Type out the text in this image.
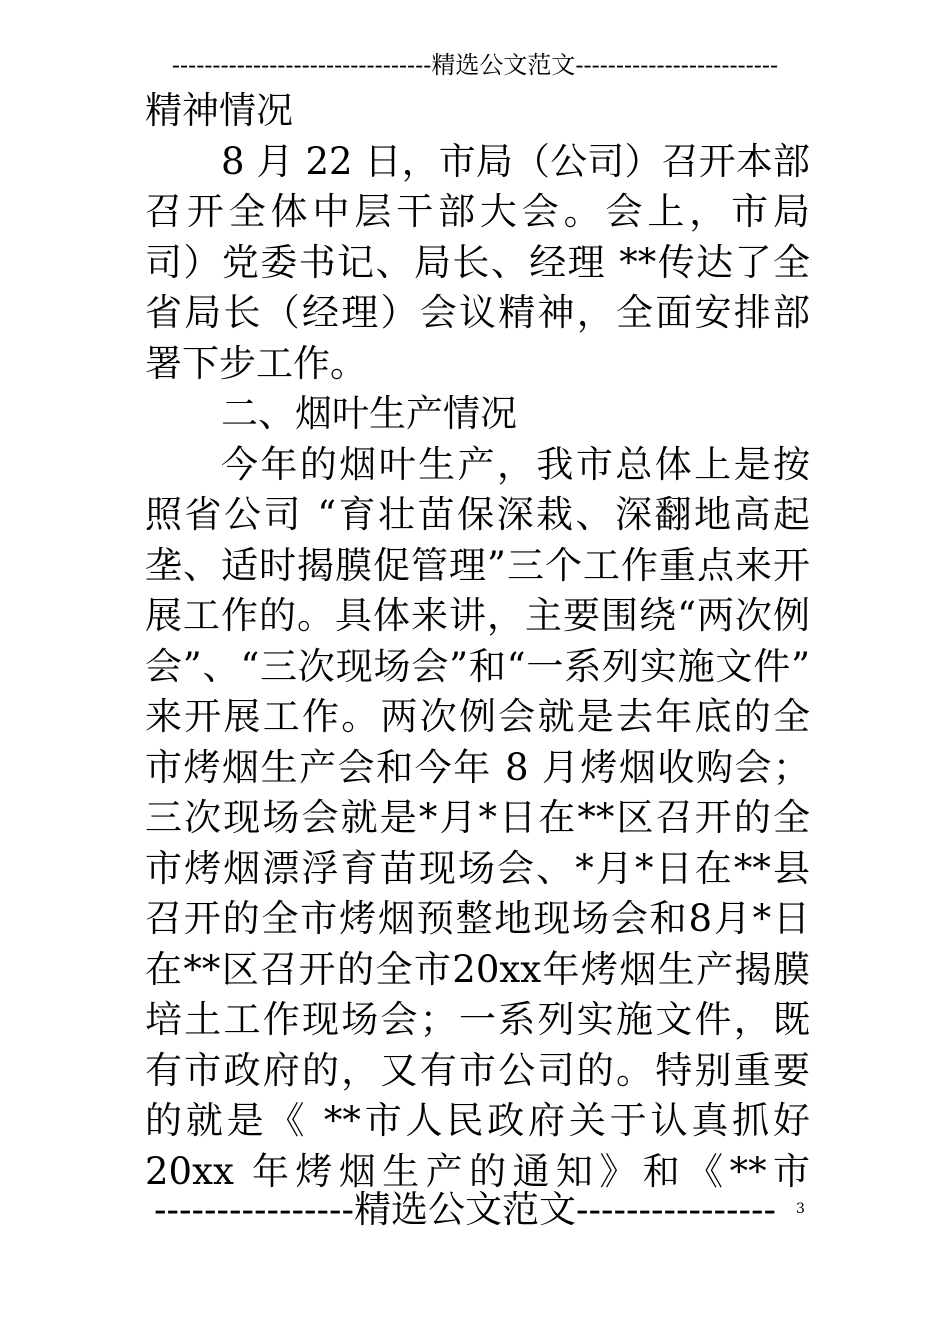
--------------------------------精选公文范文-------------------------
精神情况
8 月 22 日，市局（公司）召开本部
召开全体中层干部大会。会上，市局
司）党委书记、局长、经理 **传达了全
省局长（经理）会议精神，全面安排部
署下步工作。
二、烟叶生产情况
今年的烟叶生产，我市总体上是按
照省公司 “育壮苗保深栽、深翻地高起
垄、适时揭膜促管理”三个工作重点来开
展工作的。具体来讲，主要围绕“两次例
会”、“三次现场会”和“一系列实施文件”
来开展工作。两次例会就是去年底的全
市烤烟生产会和今年 8 月烤烟收购会；
三次现场会就是*月*日在**区召开的全
市烤烟漂浮育苗现场会、*月*日在**县
召开的全市烤烟预整地现场会和8月*日
在**区召开的全市20xx年烤烟生产揭膜
培土工作现场会；一系列实施文件，既
有市政府的，又有市公司的。特别重要
的就是《 **市人民政府关于认真抓好
20xx 年烤烟生产的通知》和《**市
----------------精选公文范文----------------	3
